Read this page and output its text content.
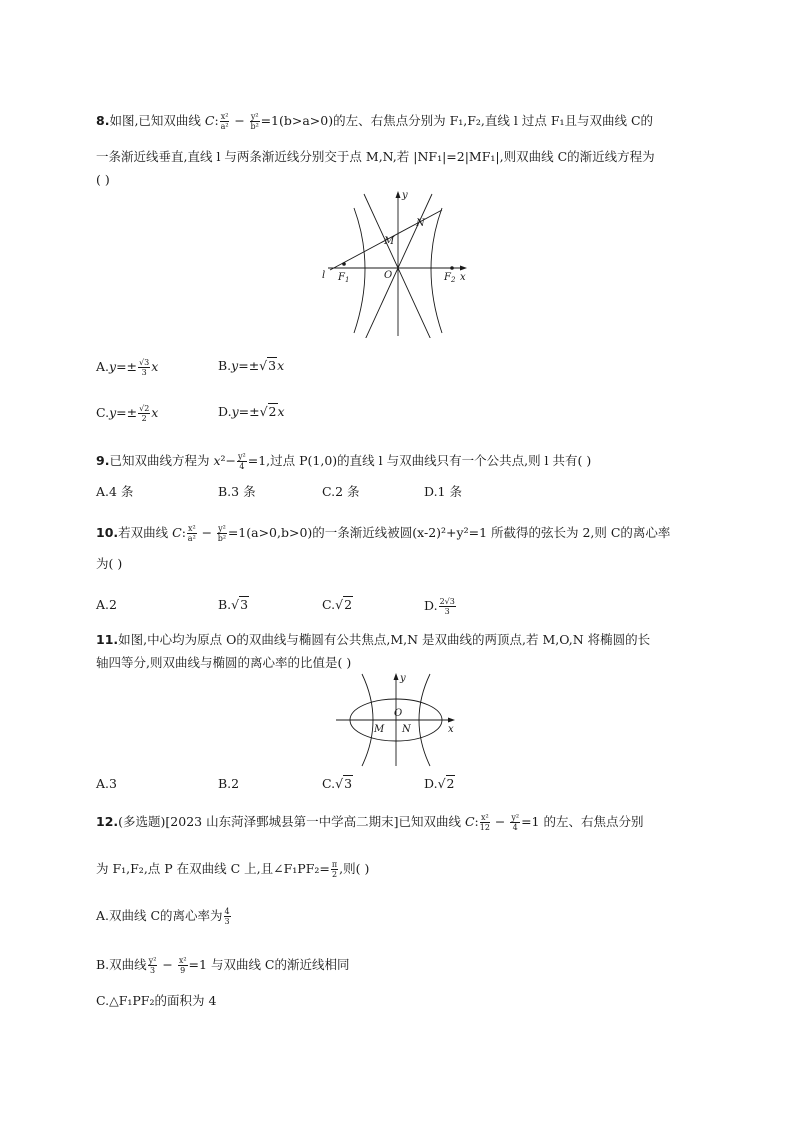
8.如图,已知双曲线 C: $\frac{\text{x²}}{\text{a²}} - \frac{\text{y²}}{\text{b²}} =1(b>a>0)$的左、右焦点分别为 F₁,F₂,直线 l 过点 F₁且与双曲线 C的
一条渐近线垂直,直线 l 与两条渐近线分别交于点 M,N,若 |NF₁|=2|MF₁|,则双曲线 C的渐近线方程为
( )
y
x
N
M
O
l $F_1$	$F_2$
$A.y=\pm \frac{√3}{3}$ x	B.y=±√3x
$C.y=\pm \frac{√2}{2}$ x	D.y=±√2x
9.已知双曲线方程为 $x^2- \frac{\text{y²}}{4} =1$,过点 P(1,0)的直线 l 与双曲线只有一个公共点,则 l 共有( )
A.4 条	B.3 条	C.2 条	D.1 条
10.若双曲线 C: $\frac{\text{x²}}{\text{a²}} - \frac{\text{y²}}{\text{b²}} =1(a>0,b>0)$的一条渐近线被圆(x-2)²+y²=1 所截得的弦长为 2,则 C的离心率
为( )
A.2	B.√3	C.√2	D. $\frac{2√3}{3}$
11.如图,中心均为原点 O的双曲线与椭圆有公共焦点,M,N 是双曲线的两顶点,若 M,O,N 将椭圆的长
轴四等分,则双曲线与椭圆的离心率的比值是( )
y
x
O
M N
A.3	B.2	C.√3	D.√2
12.(多选题)[2023 山东菏泽鄄城县第一中学高二期末]已知双曲线 C: $\frac{\text{x²}}{12} - \frac{\text{y²}}{4} =1$ 的左、右焦点分别
为 F₁,F₂,点 P 在双曲线 C 上,且∠F₁PF₂= $\frac{\pi}{2}$ ,则( )
A.双曲线 C的离心率为 $\frac{4}{3}$
B.双曲线 $\frac{\text{y²}}{3} - \frac{\text{x²}}{9} =1$ 与双曲线 C的渐近线相同
C.△F₁PF₂的面积为 4
